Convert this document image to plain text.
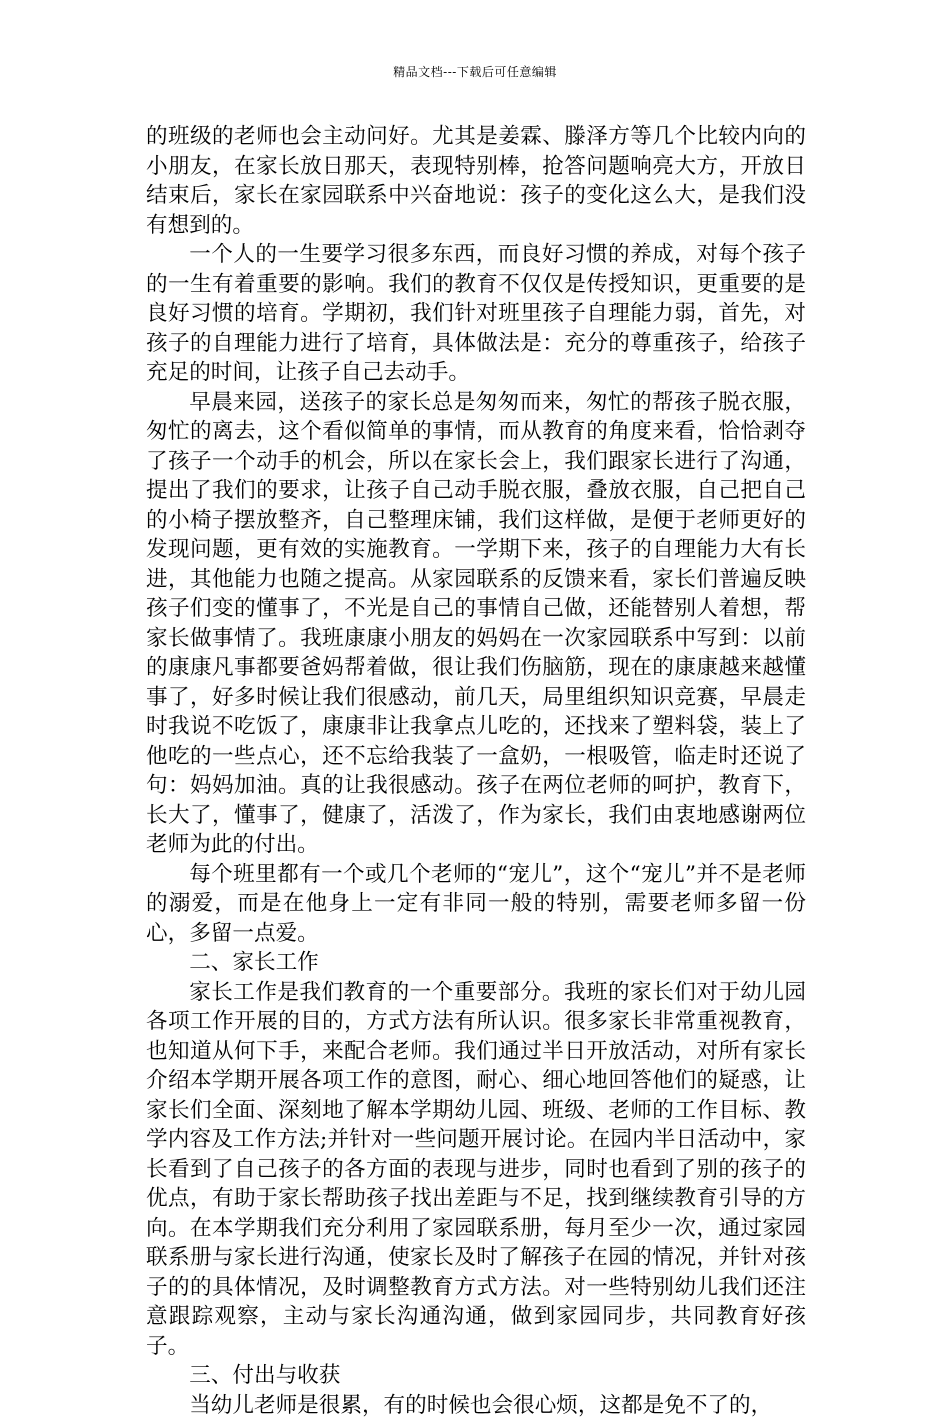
精品文档---下载后可任意编辑

的班级的老师也会主动问好。尤其是姜霖、滕泽方等几个比较内向的小朋友，在家长放日那天，表现特别棒，抢答问题响亮大方，开放日结束后，家长在家园联系中兴奋地说：孩子的变化这么大，是我们没有想到的。

一个人的一生要学习很多东西，而良好习惯的养成，对每个孩子的一生有着重要的影响。我们的教育不仅仅是传授知识，更重要的是良好习惯的培育。学期初，我们针对班里孩子自理能力弱，首先，对孩子的自理能力进行了培育，具体做法是：充分的尊重孩子，给孩子充足的时间，让孩子自己去动手。

早晨来园，送孩子的家长总是匆匆而来，匆忙的帮孩子脱衣服，匆忙的离去，这个看似简单的事情，而从教育的角度来看，恰恰剥夺了孩子一个动手的机会，所以在家长会上，我们跟家长进行了沟通，提出了我们的要求，让孩子自己动手脱衣服，叠放衣服，自己把自己的小椅子摆放整齐，自己整理床铺，我们这样做，是便于老师更好的发现问题，更有效的实施教育。一学期下来，孩子的自理能力大有长进，其他能力也随之提高。从家园联系的反馈来看，家长们普遍反映孩子们变的懂事了，不光是自己的事情自己做，还能替别人着想，帮家长做事情了。我班康康小朋友的妈妈在一次家园联系中写到：以前的康康凡事都要爸妈帮着做，很让我们伤脑筋，现在的康康越来越懂事了，好多时候让我们很感动，前几天，局里组织知识竞赛，早晨走时我说不吃饭了，康康非让我拿点儿吃的，还找来了塑料袋，装上了他吃的一些点心，还不忘给我装了一盒奶，一根吸管，临走时还说了句：妈妈加油。真的让我很感动。孩子在两位老师的呵护，教育下，长大了，懂事了，健康了，活泼了，作为家长，我们由衷地感谢两位老师为此的付出。

每个班里都有一个或几个老师的“宠儿”，这个“宠儿”并不是老师的溺爱，而是在他身上一定有非同一般的特别，需要老师多留一份心，多留一点爱。

二、家长工作

家长工作是我们教育的一个重要部分。我班的家长们对于幼儿园各项工作开展的目的，方式方法有所认识。很多家长非常重视教育，也知道从何下手，来配合老师。我们通过半日开放活动，对所有家长介绍本学期开展各项工作的意图，耐心、细心地回答他们的疑惑，让家长们全面、深刻地了解本学期幼儿园、班级、老师的工作目标、教学内容及工作方法;并针对一些问题开展讨论。在园内半日活动中，家长看到了自己孩子的各方面的表现与进步，同时也看到了别的孩子的优点，有助于家长帮助孩子找出差距与不足，找到继续教育引导的方向。在本学期我们充分利用了家园联系册，每月至少一次，通过家园联系册与家长进行沟通，使家长及时了解孩子在园的情况，并针对孩子的的具体情况，及时调整教育方式方法。对一些特别幼儿我们还注意跟踪观察，主动与家长沟通沟通，做到家园同步，共同教育好孩子。

三、付出与收获

当幼儿老师是很累，有的时候也会很心烦，这都是免不了的，
